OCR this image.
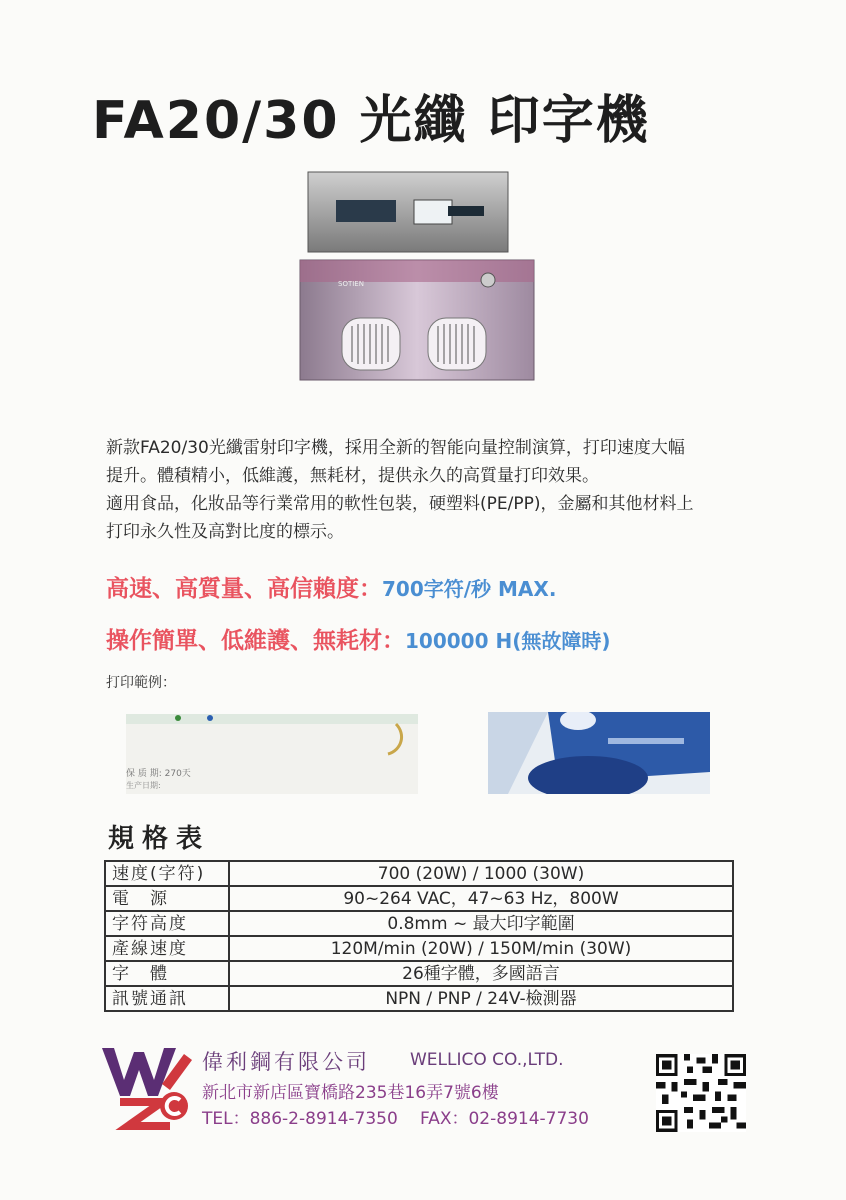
FA20/30 光纖 印字機
SOTIEN
新款FA20/30光纖雷射印字機，採用全新的智能向量控制演算，打印速度大幅
提升。體積精小，低維護，無耗材，提供永久的高質量打印效果。
適用食品，化妝品等行業常用的軟性包裝，硬塑料(PE/PP)，金屬和其他材料上
打印永久性及高對比度的標示。
高速、高質量、高信賴度：700字符/秒 MAX.
操作簡單、低維護、無耗材：100000 H(無故障時)
打印範例：
保 质 期: 270天
生产日期:
規格表
速度(字符)	700 (20W) / 1000 (30W)
電　源	90~264 VAC，47~63 Hz，800W
字符高度	0.8mm ~ 最大印字範圍
產線速度	120M/min (20W) / 150M/min (30W)
字　體	26種字體，多國語言
訊號通訊	NPN / PNP / 24V-檢測器
偉利鋼有限公司 WELLICO CO.,LTD.
新北市新店區寶橋路235巷16弄7號6樓
TEL：886-2-8914-7350 FAX：02-8914-7730
